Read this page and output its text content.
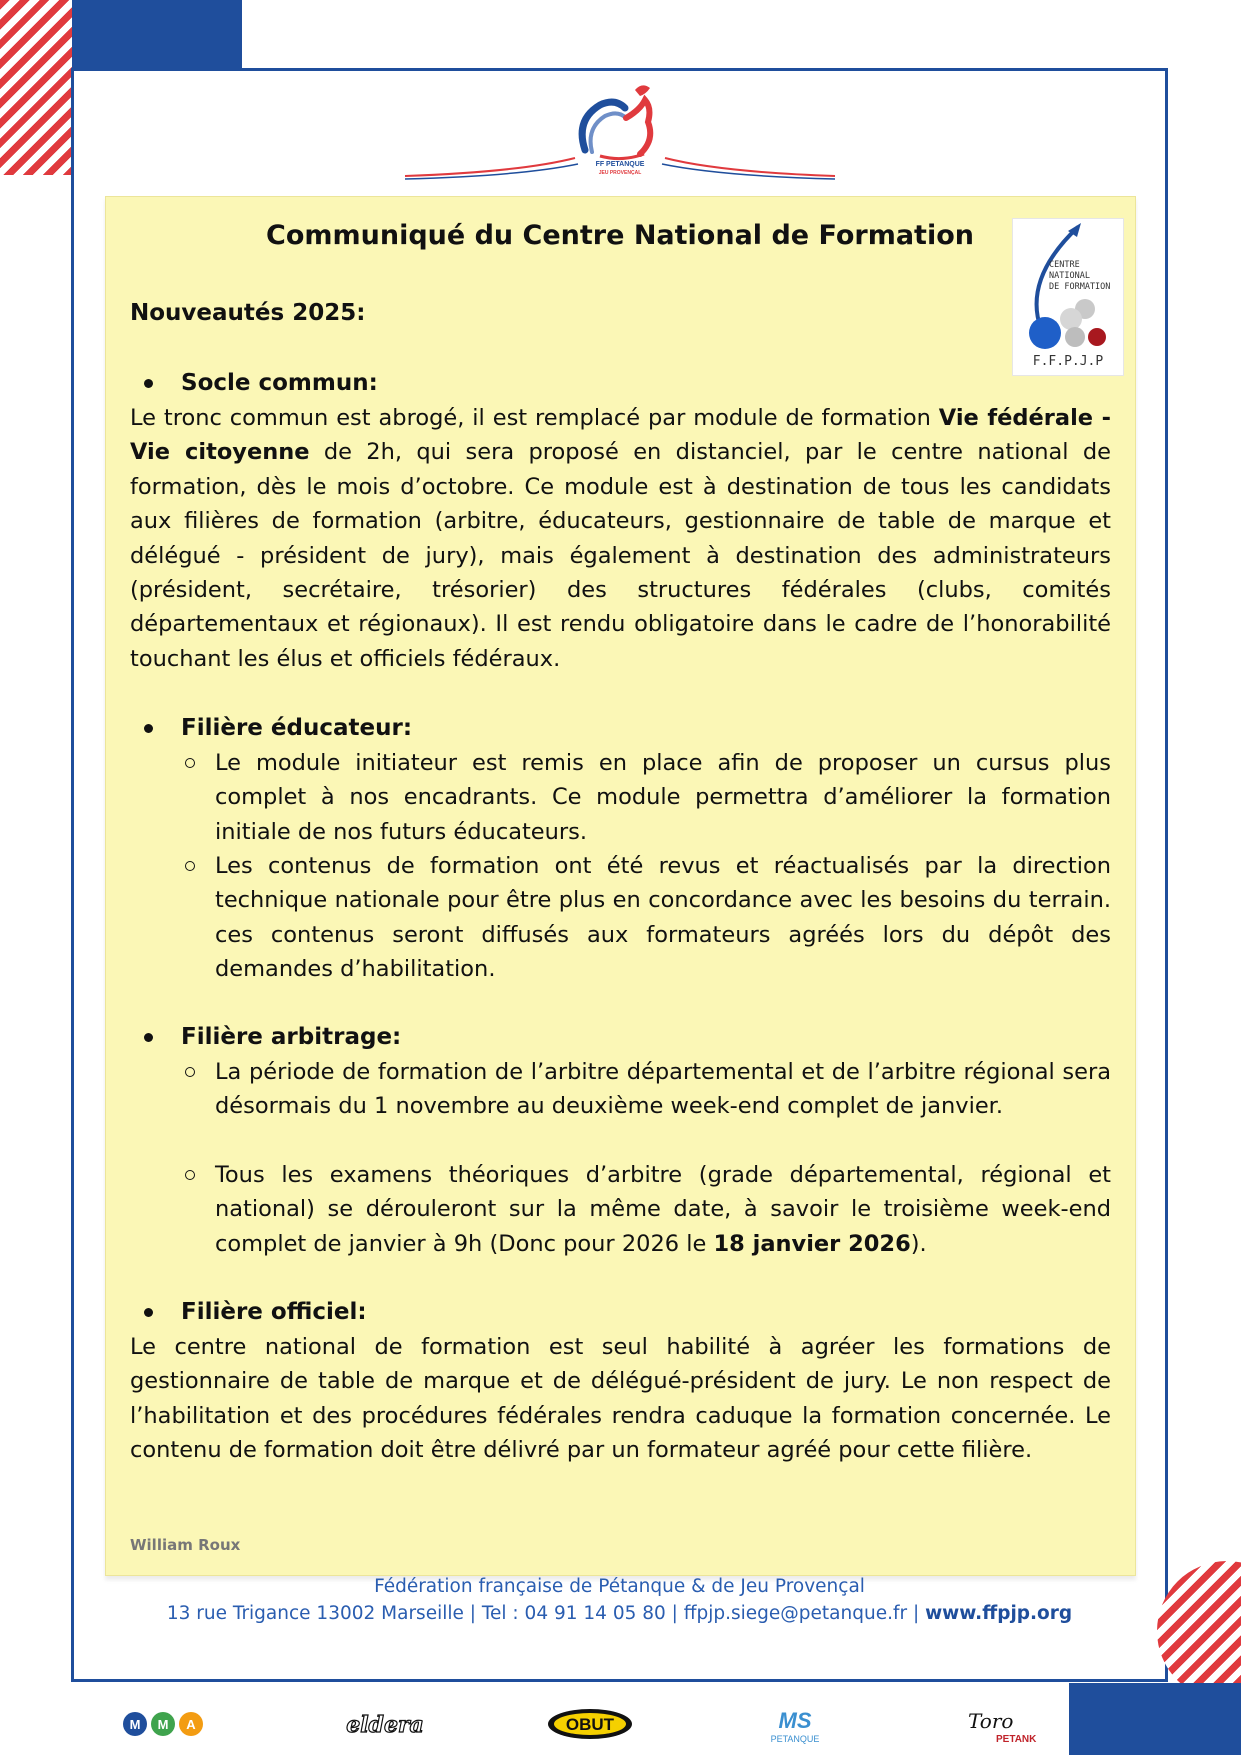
FF PETANQUE
JEU PROVENÇAL
CENTRE
NATIONAL
DE FORMATION
F.F.P.J.P
Communiqué du Centre National de Formation
Nouveautés 2025:
Socle commun:

Le tronc commun est abrogé, il est remplacé par module de formation Vie fédérale - Vie citoyenne de 2h, qui sera proposé en distanciel, par le centre national de formation, dès le mois d’octobre. Ce module est à destination de tous les candidats aux filières de formation (arbitre, éducateurs, gestionnaire de table de marque et délégué - président de jury), mais également à destination des administrateurs (président, secrétaire, trésorier) des structures fédérales (clubs, comités départementaux et régionaux). Il est rendu obligatoire dans le cadre de l’honorabilité touchant les élus et officiels fédéraux.

Filière éducateur:

Le module initiateur est remis en place afin de proposer un cursus plus complet à nos encadrants. Ce module permettra d’améliorer la formation initiale de nos futurs éducateurs.

Les contenus de formation ont été revus et réactualisés par la direction technique nationale pour être plus en concordance avec les besoins du terrain. ces contenus seront diffusés aux formateurs agréés lors du dépôt des demandes d’habilitation.

Filière arbitrage:

La période de formation de l’arbitre départemental et de l’arbitre régional sera désormais du 1 novembre au deuxième week-end complet de janvier.

Tous les examens théoriques d’arbitre (grade départemental, régional et national) se dérouleront sur la même date, à savoir le troisième week-end complet de janvier à 9h (Donc pour 2026 le 18 janvier 2026).

Filière officiel:

Le centre national de formation est seul habilité à agréer les formations de gestionnaire de table de marque et de délégué-président de jury. Le non respect de l’habilitation et des procédures fédérales rendra caduque la formation concernée. Le contenu de formation doit être délivré par un formateur agréé pour cette filière.

William Roux
Fédération française de Pétanque & de Jeu Provençal
13 rue Trigance 13002 Marseille | Tel : 04 91 14 05 80 | ffpjp.siege@petanque.fr | www.ffpjp.org
M M A	eldera	OBUT	MS
PETANQUE
Toro
PETANK
